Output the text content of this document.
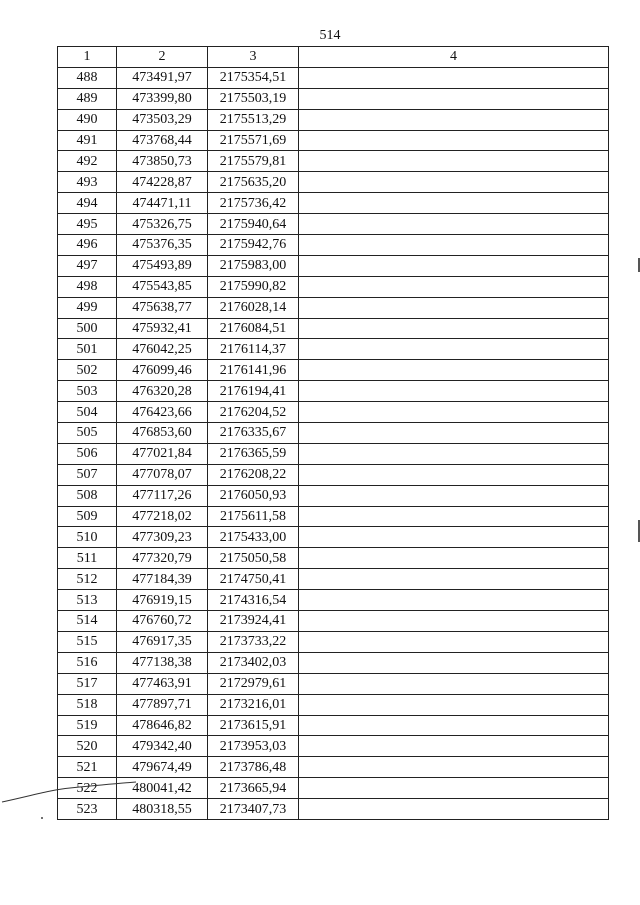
514
1	2	3	4
488	473491,97	2175354,51	
489	473399,80	2175503,19	
490	473503,29	2175513,29	
491	473768,44	2175571,69	
492	473850,73	2175579,81	
493	474228,87	2175635,20	
494	474471,11	2175736,42	
495	475326,75	2175940,64	
496	475376,35	2175942,76	
497	475493,89	2175983,00	
498	475543,85	2175990,82	
499	475638,77	2176028,14	
500	475932,41	2176084,51	
501	476042,25	2176114,37	
502	476099,46	2176141,96	
503	476320,28	2176194,41	
504	476423,66	2176204,52	
505	476853,60	2176335,67	
506	477021,84	2176365,59	
507	477078,07	2176208,22	
508	477117,26	2176050,93	
509	477218,02	2175611,58	
510	477309,23	2175433,00	
511	477320,79	2175050,58	
512	477184,39	2174750,41	
513	476919,15	2174316,54	
514	476760,72	2173924,41	
515	476917,35	2173733,22	
516	477138,38	2173402,03	
517	477463,91	2172979,61	
518	477897,71	2173216,01	
519	478646,82	2173615,91	
520	479342,40	2173953,03	
521	479674,49	2173786,48	
522	480041,42	2173665,94	
523	480318,55	2173407,73	
